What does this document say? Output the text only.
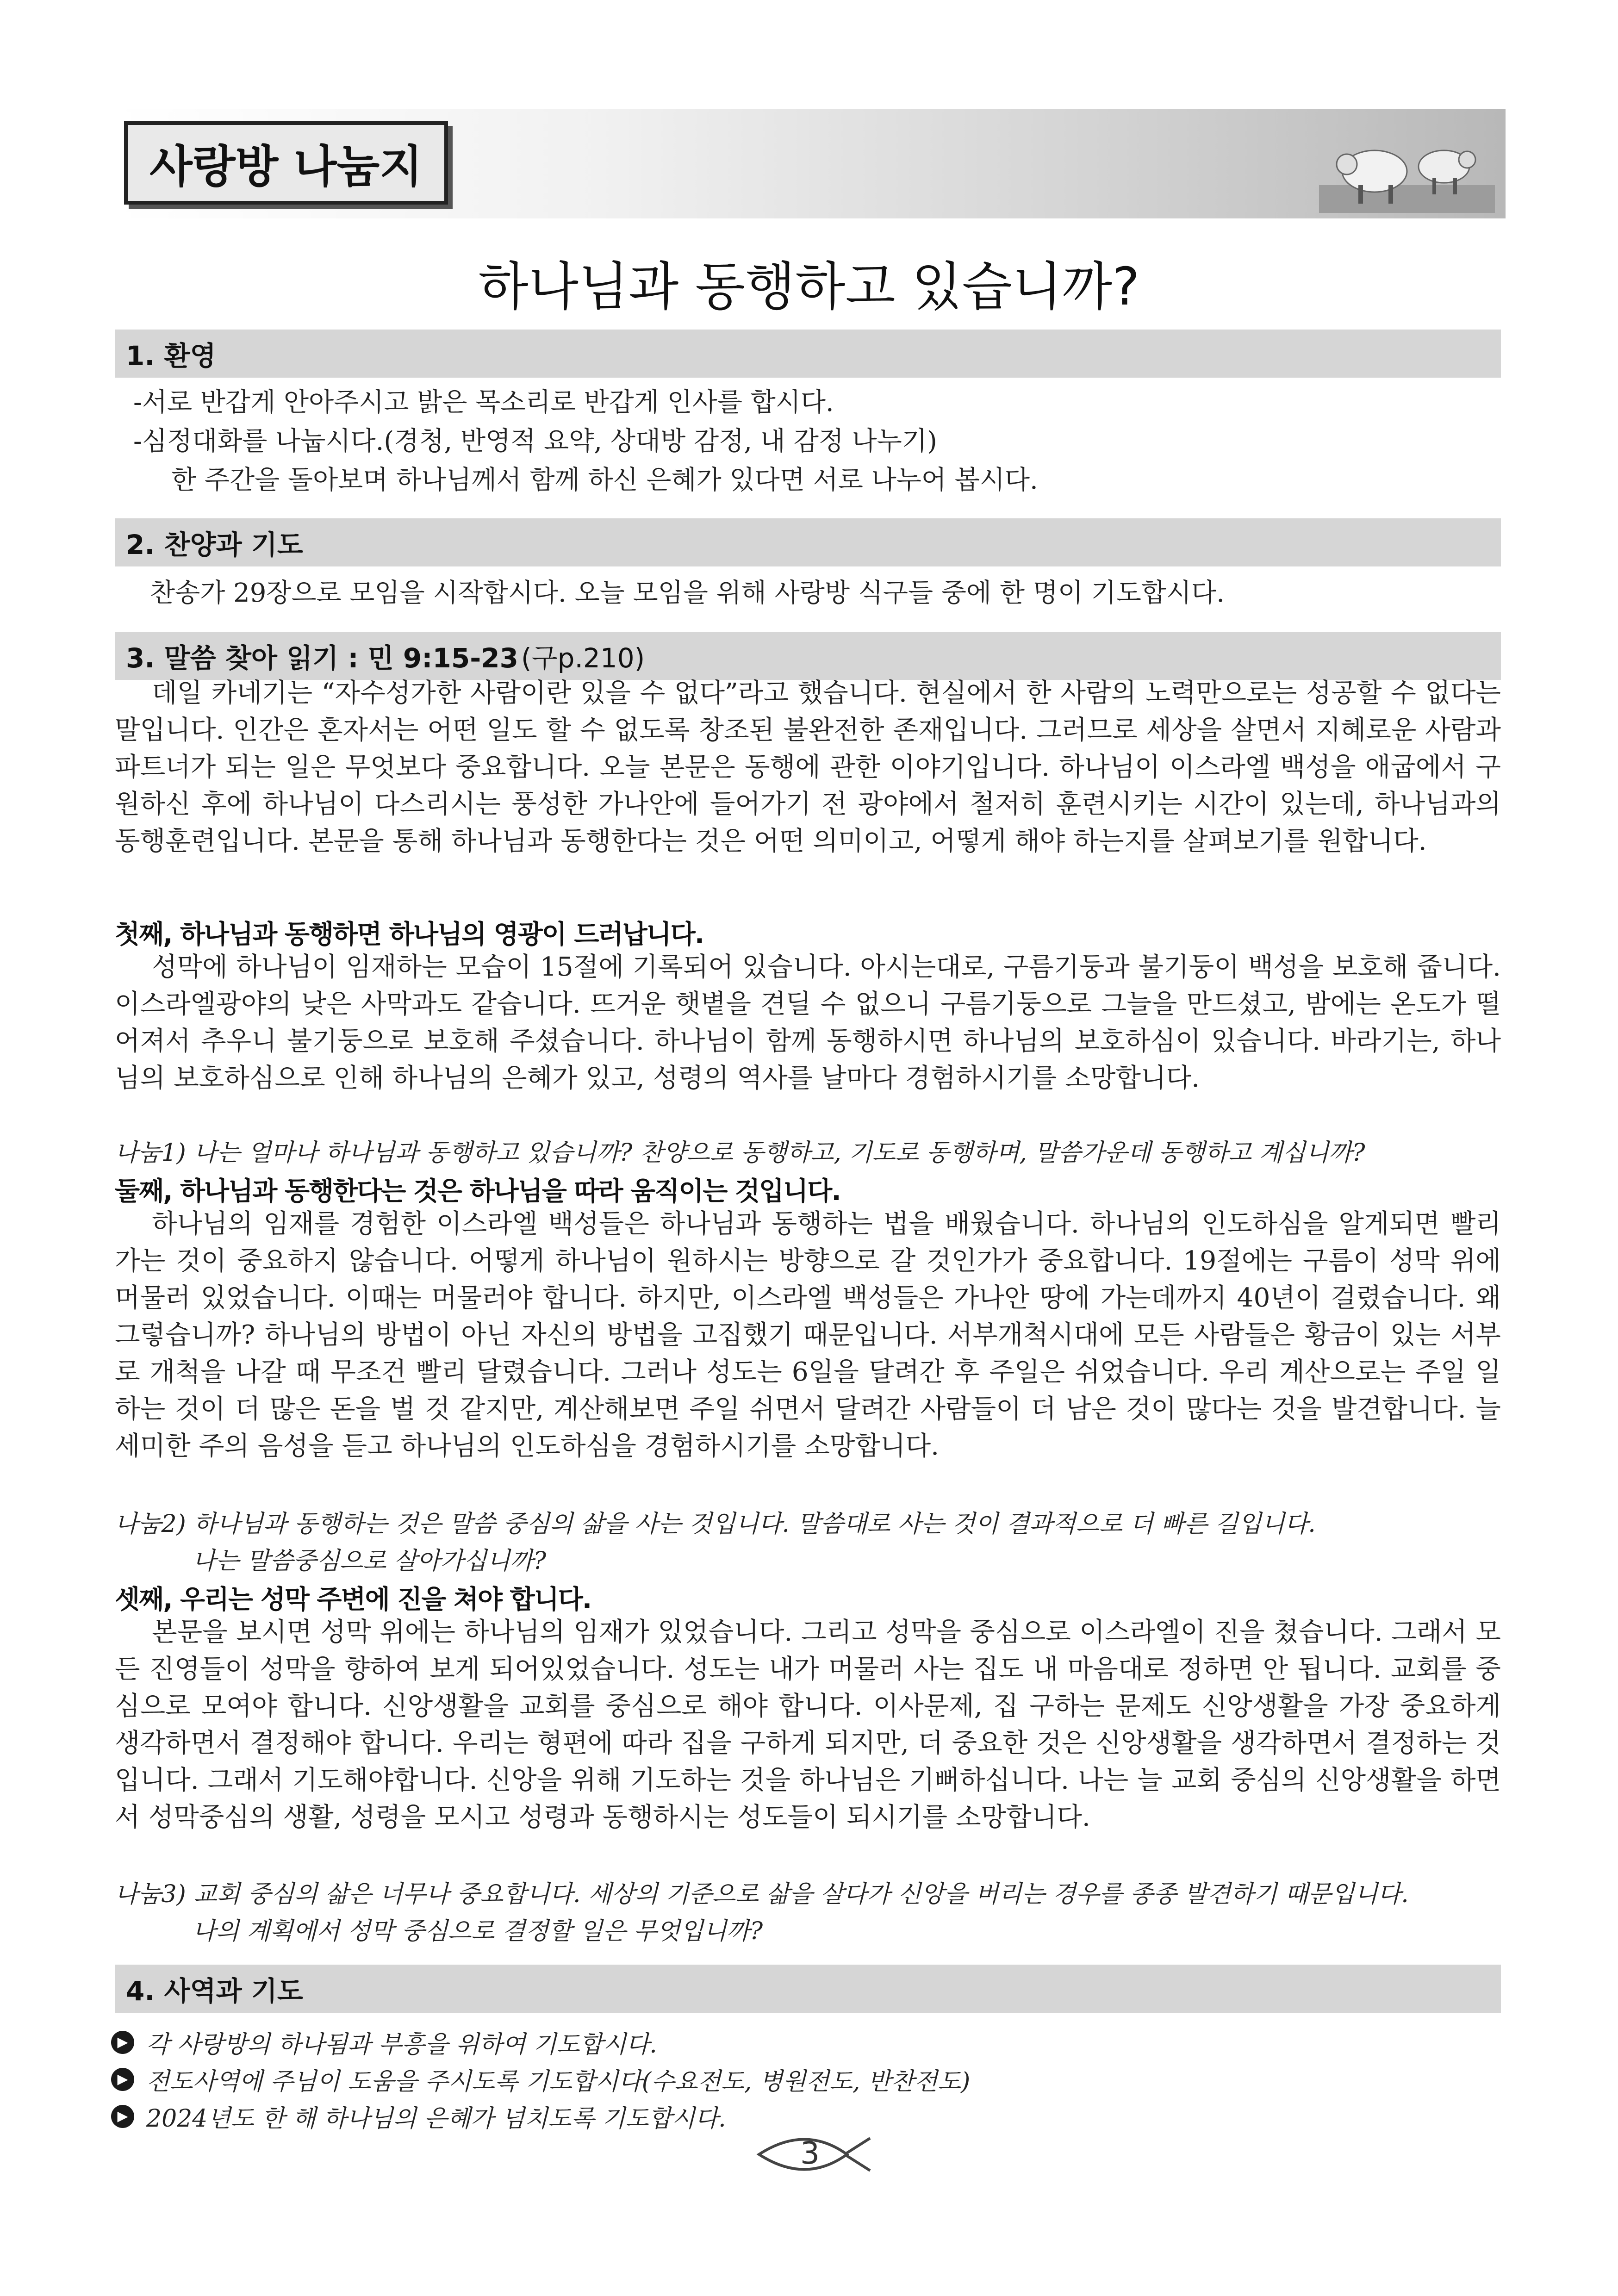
사랑방 나눔지
하나님과 동행하고 있습니까?
1. 환영
-서로 반갑게 안아주시고 밝은 목소리로 반갑게 인사를 합시다.
-심정대화를 나눕시다.(경청, 반영적 요약, 상대방 감정, 내 감정 나누기)
한 주간을 돌아보며 하나님께서 함께 하신 은혜가 있다면 서로 나누어 봅시다.
2. 찬양과 기도
찬송가 29장으로 모임을 시작합시다. 오늘 모임을 위해 사랑방 식구들 중에 한 명이 기도합시다.
3. 말씀 찾아 읽기 : 민 9:15-23 (구p.210)
데일 카네기는 “자수성가한 사람이란 있을 수 없다”라고 했습니다. 현실에서 한 사람의 노력만으로는 성공할 수 없다는 말입니다. 인간은 혼자서는 어떤 일도 할 수 없도록 창조된 불완전한 존재입니다. 그러므로 세상을 살면서 지혜로운 사람과 파트너가 되는 일은 무엇보다 중요합니다. 오늘 본문은 동행에 관한 이야기입니다. 하나님이 이스라엘 백성을 애굽에서 구원하신 후에 하나님이 다스리시는 풍성한 가나안에 들어가기 전 광야에서 철저히 훈련시키는 시간이 있는데, 하나님과의 동행훈련입니다. 본문을 통해 하나님과 동행한다는 것은 어떤 의미이고, 어떻게 해야 하는지를 살펴보기를 원합니다.
첫째, 하나님과 동행하면 하나님의 영광이 드러납니다.
성막에 하나님이 임재하는 모습이 15절에 기록되어 있습니다. 아시는대로, 구름기둥과 불기둥이 백성을 보호해 줍니다. 이스라엘광야의 낮은 사막과도 같습니다. 뜨거운 햇볕을 견딜 수 없으니 구름기둥으로 그늘을 만드셨고, 밤에는 온도가 떨어져서 추우니 불기둥으로 보호해 주셨습니다. 하나님이 함께 동행하시면 하나님의 보호하심이 있습니다. 바라기는, 하나님의 보호하심으로 인해 하나님의 은혜가 있고, 성령의 역사를 날마다 경험하시기를 소망합니다.
나눔1) 나는 얼마나 하나님과 동행하고 있습니까? 찬양으로 동행하고, 기도로 동행하며, 말씀가운데 동행하고 계십니까?
둘째, 하나님과 동행한다는 것은 하나님을 따라 움직이는 것입니다.
하나님의 임재를 경험한 이스라엘 백성들은 하나님과 동행하는 법을 배웠습니다. 하나님의 인도하심을 알게되면 빨리 가는 것이 중요하지 않습니다. 어떻게 하나님이 원하시는 방향으로 갈 것인가가 중요합니다. 19절에는 구름이 성막 위에 머물러 있었습니다. 이때는 머물러야 합니다. 하지만, 이스라엘 백성들은 가나안 땅에 가는데까지 40년이 걸렸습니다. 왜 그렇습니까? 하나님의 방법이 아닌 자신의 방법을 고집했기 때문입니다. 서부개척시대에 모든 사람들은 황금이 있는 서부로 개척을 나갈 때 무조건 빨리 달렸습니다. 그러나 성도는 6일을 달려간 후 주일은 쉬었습니다. 우리 계산으로는 주일 일하는 것이 더 많은 돈을 벌 것 같지만, 계산해보면 주일 쉬면서 달려간 사람들이 더 남은 것이 많다는 것을 발견합니다. 늘 세미한 주의 음성을 듣고 하나님의 인도하심을 경험하시기를 소망합니다.
나눔2) 하나님과 동행하는 것은 말씀 중심의 삶을 사는 것입니다. 말씀대로 사는 것이 결과적으로 더 빠른 길입니다.
나는 말씀중심으로 살아가십니까?
셋째, 우리는 성막 주변에 진을 쳐야 합니다.
본문을 보시면 성막 위에는 하나님의 임재가 있었습니다. 그리고 성막을 중심으로 이스라엘이 진을 쳤습니다. 그래서 모든 진영들이 성막을 향하여 보게 되어있었습니다. 성도는 내가 머물러 사는 집도 내 마음대로 정하면 안 됩니다. 교회를 중심으로 모여야 합니다. 신앙생활을 교회를 중심으로 해야 합니다. 이사문제, 집 구하는 문제도 신앙생활을 가장 중요하게 생각하면서 결정해야 합니다. 우리는 형편에 따라 집을 구하게 되지만, 더 중요한 것은 신앙생활을 생각하면서 결정하는 것입니다. 그래서 기도해야합니다. 신앙을 위해 기도하는 것을 하나님은 기뻐하십니다. 나는 늘 교회 중심의 신앙생활을 하면서 성막중심의 생활, 성령을 모시고 성령과 동행하시는 성도들이 되시기를 소망합니다.
나눔3) 교회 중심의 삶은 너무나 중요합니다. 세상의 기준으로 삶을 살다가 신앙을 버리는 경우를 종종 발견하기 때문입니다.
나의 계획에서 성막 중심으로 결정할 일은 무엇입니까?
4. 사역과 기도
▶ 각 사랑방의 하나됨과 부흥을 위하여 기도합시다.
▶ 전도사역에 주님이 도움을 주시도록 기도합시다(수요전도, 병원전도, 반찬전도)
▶ 2024년도 한 해 하나님의 은혜가 넘치도록 기도합시다.
3
